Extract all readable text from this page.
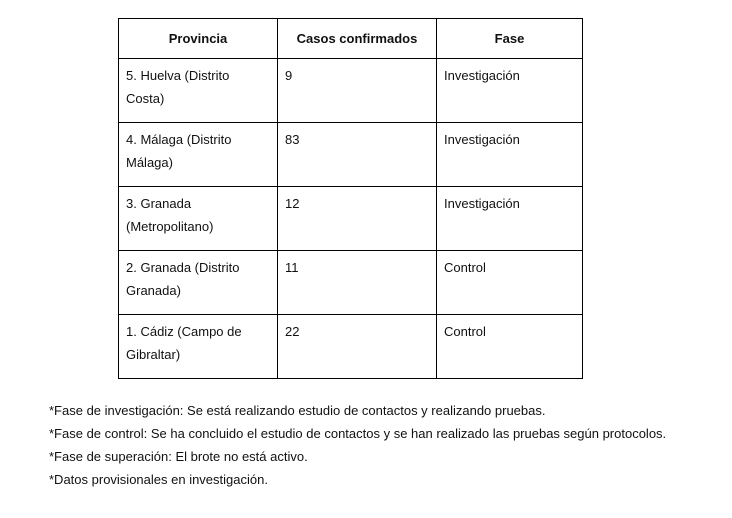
Provincia	Casos confirmados	Fase
5. Huelva (Distrito
Costa)	9	Investigación
4. Málaga (Distrito
Málaga)	83	Investigación
3. Granada
(Metropolitano)	12	Investigación
2. Granada (Distrito
Granada)	11	Control
1. Cádiz (Campo de
Gibraltar)	22	Control

*Fase de investigación: Se está realizando estudio de contactos y realizando pruebas.

*Fase de control: Se ha concluido el estudio de contactos y se han realizado las pruebas según protocolos.

*Fase de superación: El brote no está activo.

*Datos provisionales en investigación.
